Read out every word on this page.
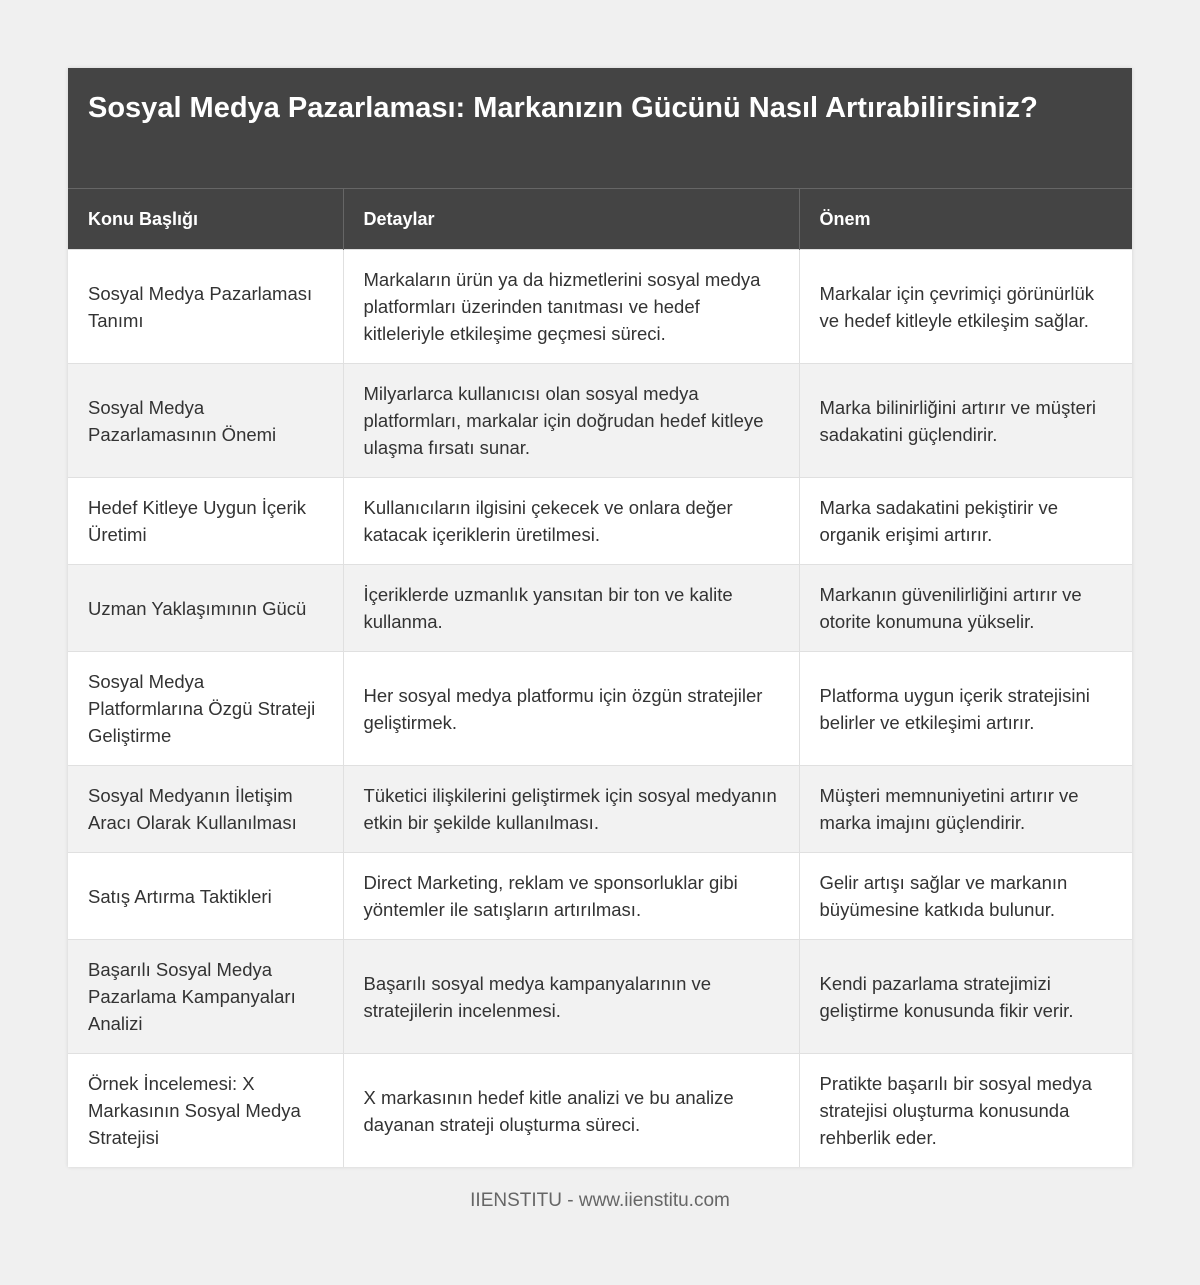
Sosyal Medya Pazarlaması: Markanızın Gücünü Nasıl Artırabilirsiniz?
Konu Başlığı	Detaylar	Önem
Sosyal Medya Pazarlaması Tanımı	Markaların ürün ya da hizmetlerini sosyal medya platformları üzerinden tanıtması ve hedef kitleleriyle etkileşime geçmesi süreci.	Markalar için çevrimiçi görünürlük ve hedef kitleyle etkileşim sağlar.
Sosyal Medya Pazarlamasının Önemi	Milyarlarca kullanıcısı olan sosyal medya platformları, markalar için doğrudan hedef kitleye ulaşma fırsatı sunar.	Marka bilinirliğini artırır ve müşteri sadakatini güçlendirir.
Hedef Kitleye Uygun İçerik Üretimi	Kullanıcıların ilgisini çekecek ve onlara değer katacak içeriklerin üretilmesi.	Marka sadakatini pekiştirir ve organik erişimi artırır.
Uzman Yaklaşımının Gücü	İçeriklerde uzmanlık yansıtan bir ton ve kalite kullanma.	Markanın güvenilirliğini artırır ve otorite konumuna yükselir.
Sosyal Medya Platformlarına Özgü Strateji Geliştirme	Her sosyal medya platformu için özgün stratejiler geliştirmek.	Platforma uygun içerik stratejisini belirler ve etkileşimi artırır.
Sosyal Medyanın İletişim Aracı Olarak Kullanılması	Tüketici ilişkilerini geliştirmek için sosyal medyanın etkin bir şekilde kullanılması.	Müşteri memnuniyetini artırır ve marka imajını güçlendirir.
Satış Artırma Taktikleri	Direct Marketing, reklam ve sponsorluklar gibi yöntemler ile satışların artırılması.	Gelir artışı sağlar ve markanın büyümesine katkıda bulunur.
Başarılı Sosyal Medya Pazarlama Kampanyaları Analizi	Başarılı sosyal medya kampanyalarının ve stratejilerin incelenmesi.	Kendi pazarlama stratejimizi geliştirme konusunda fikir verir.
Örnek İncelemesi: X Markasının Sosyal Medya Stratejisi	X markasının hedef kitle analizi ve bu analize dayanan strateji oluşturma süreci.	Pratikte başarılı bir sosyal medya stratejisi oluşturma konusunda rehberlik eder.
IIENSTITU - www.iienstitu.com
